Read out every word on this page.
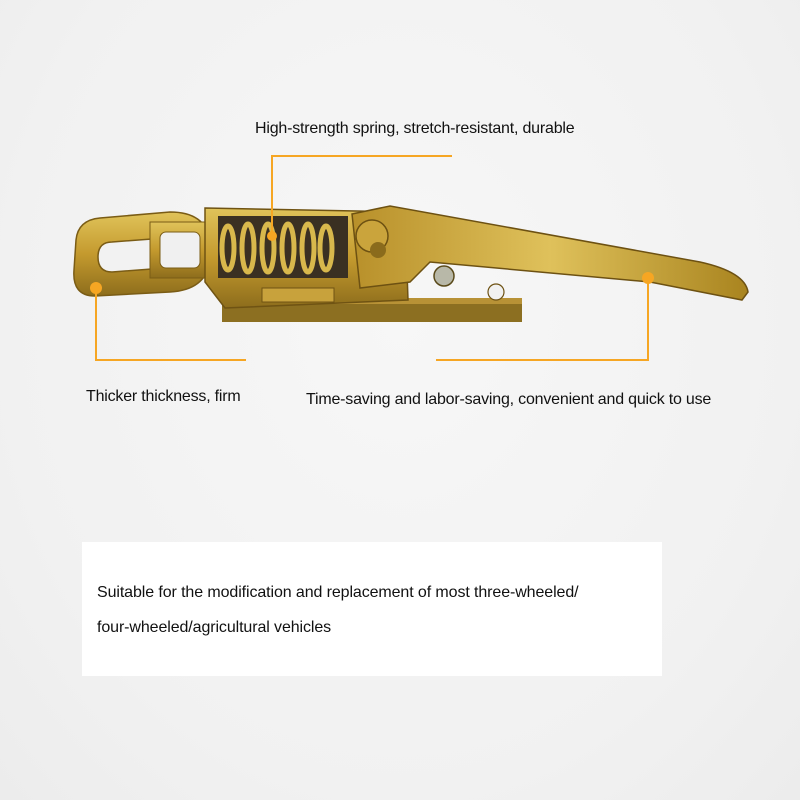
High-strength spring, stretch-resistant, durable
Thicker thickness, firm	Time-saving and labor-saving, convenient and quick to use
Suitable for the modification and replacement of most three-wheeled/
four-wheeled/agricultural vehicles
